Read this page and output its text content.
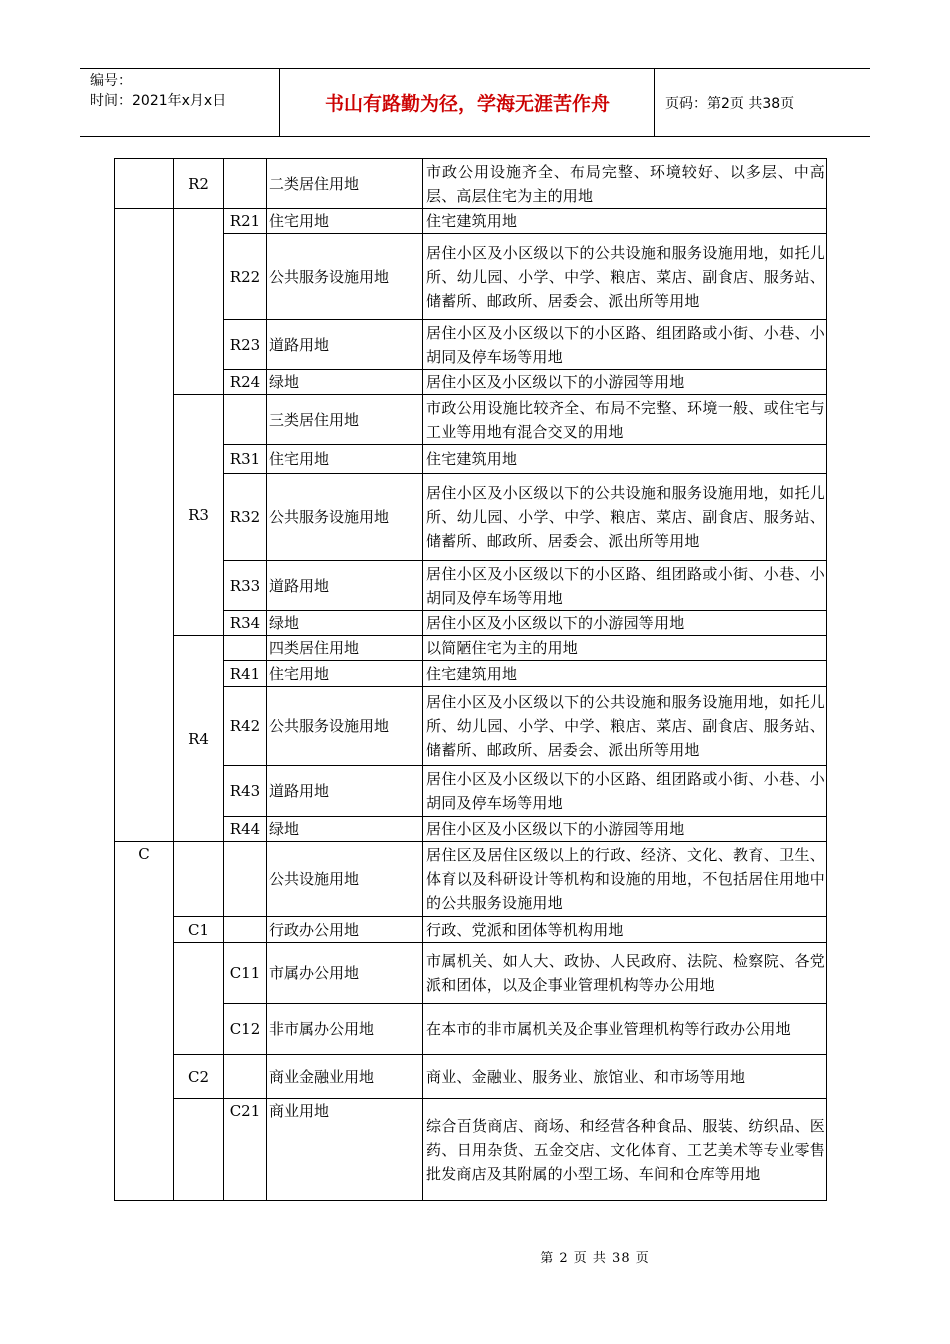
编号：
时间：2021年x月x日	书山有路勤为径，学海无涯苦作舟	页码：第2页 共38页
	R2		二类居住用地	市政公用设施齐全、布局完整、环境较好、以多层、中高层、高层住宅为主的用地
		R21	住宅用地	住宅建筑用地
		R22	公共服务设施用地	居住小区及小区级以下的公共设施和服务设施用地，如托儿所、幼儿园、小学、中学、粮店、菜店、副食店、服务站、储蓄所、邮政所、居委会、派出所等用地
		R23	道路用地	居住小区及小区级以下的小区路、组团路或小街、小巷、小胡同及停车场等用地
		R24	绿地	居住小区及小区级以下的小游园等用地
	R3		三类居住用地	市政公用设施比较齐全、布局不完整、环境一般、或住宅与工业等用地有混合交叉的用地
		R31	住宅用地	住宅建筑用地
		R32	公共服务设施用地	居住小区及小区级以下的公共设施和服务设施用地，如托儿所、幼儿园、小学、中学、粮店、菜店、副食店、服务站、储蓄所、邮政所、居委会、派出所等用地
		R33	道路用地	居住小区及小区级以下的小区路、组团路或小街、小巷、小胡同及停车场等用地
		R34	绿地	居住小区及小区级以下的小游园等用地
	R4		四类居住用地	以简陋住宅为主的用地
		R41	住宅用地	住宅建筑用地
		R42	公共服务设施用地	居住小区及小区级以下的公共设施和服务设施用地，如托儿所、幼儿园、小学、中学、粮店、菜店、副食店、服务站、储蓄所、邮政所、居委会、派出所等用地
		R43	道路用地	居住小区及小区级以下的小区路、组团路或小街、小巷、小胡同及停车场等用地
		R44	绿地	居住小区及小区级以下的小游园等用地
C			公共设施用地	居住区及居住区级以上的行政、经济、文化、教育、卫生、体育以及科研设计等机构和设施的用地，不包括居住用地中的公共服务设施用地
	C1		行政办公用地	行政、党派和团体等机构用地
		C11	市属办公用地	市属机关、如人大、政协、人民政府、法院、检察院、各党派和团体，以及企事业管理机构等办公用地
		C12	非市属办公用地	在本市的非市属机关及企事业管理机构等行政办公用地
	C2		商业金融业用地	商业、金融业、服务业、旅馆业、和市场等用地
		C21	商业用地	综合百货商店、商场、和经营各种食品、服装、纺织品、医药、日用杂货、五金交店、文化体育、工艺美术等专业零售批发商店及其附属的小型工场、车间和仓库等用地
第 2 页 共 38 页
